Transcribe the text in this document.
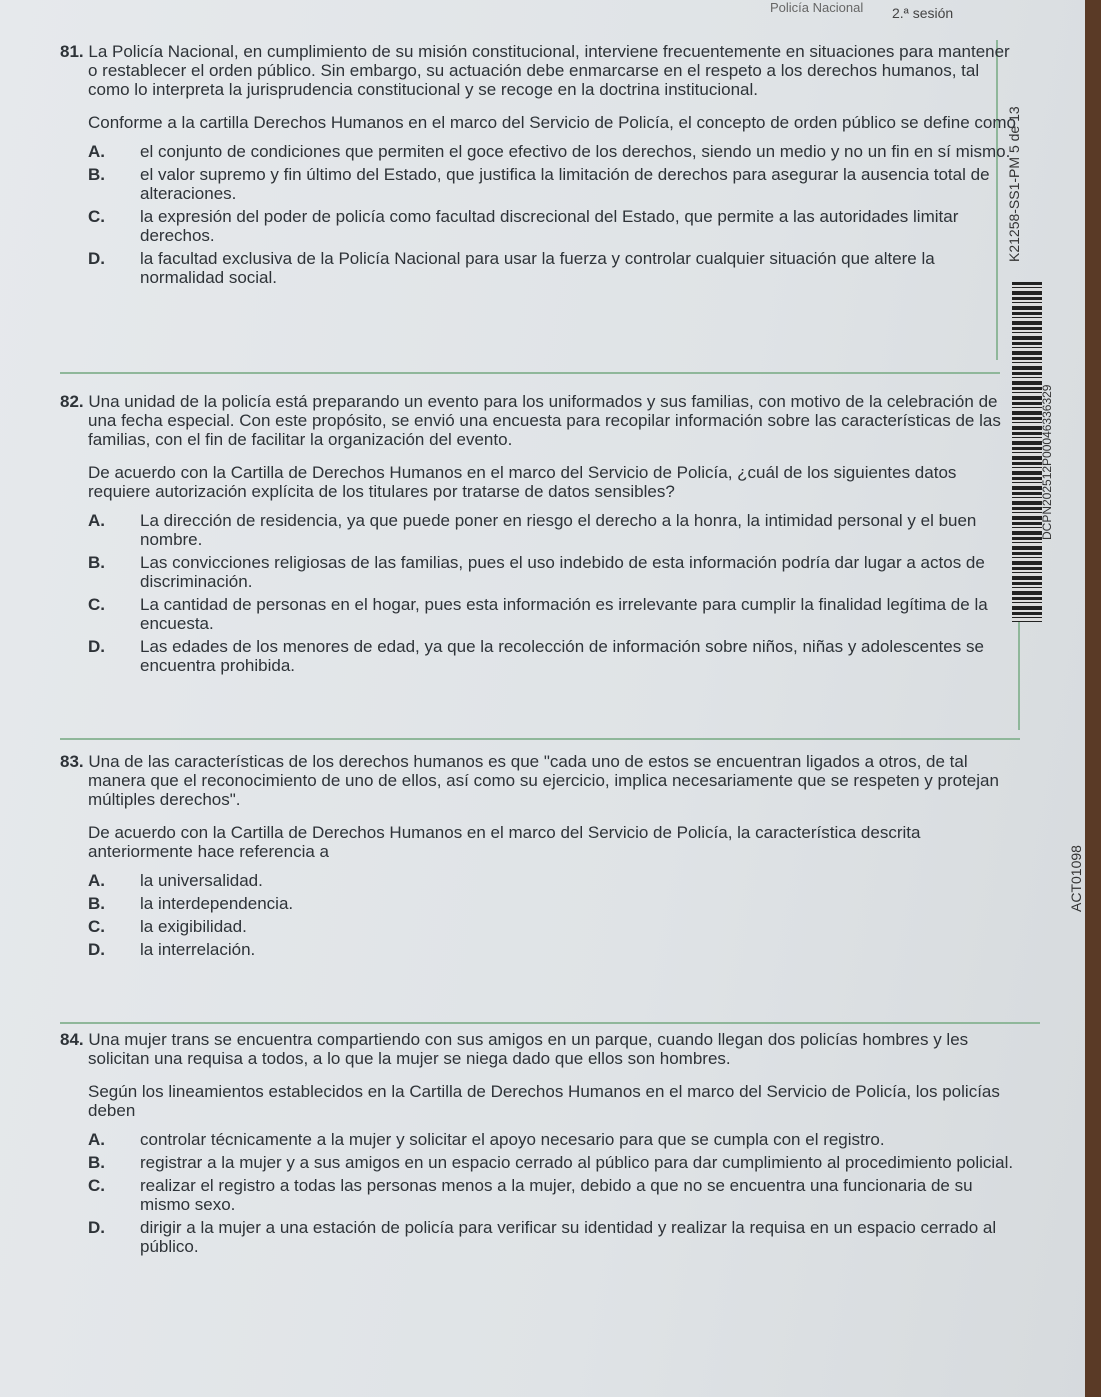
Policía Nacional 2.ª sesión
K21258-SS1-PM 5 de 13
DCPN202512P00046336329
ACT01098

81. La Policía Nacional, en cumplimiento de su misión constitucional, interviene frecuentemente en situaciones para mantener o restablecer el orden público. Sin embargo, su actuación debe enmarcarse en el respeto a los derechos humanos, tal como lo interpreta la jurisprudencia constitucional y se recoge en la doctrina institucional.

Conforme a la cartilla Derechos Humanos en el marco del Servicio de Policía, el concepto de orden público se define como

A.	el conjunto de condiciones que permiten el goce efectivo de los derechos, siendo un medio y no un fin en sí mismo.
B.	el valor supremo y fin último del Estado, que justifica la limitación de derechos para asegurar la ausencia total de alteraciones.
C.	la expresión del poder de policía como facultad discrecional del Estado, que permite a las autoridades limitar derechos.
D.	la facultad exclusiva de la Policía Nacional para usar la fuerza y controlar cualquier situación que altere la normalidad social.

82. Una unidad de la policía está preparando un evento para los uniformados y sus familias, con motivo de la celebración de una fecha especial. Con este propósito, se envió una encuesta para recopilar información sobre las características de las familias, con el fin de facilitar la organización del evento.

De acuerdo con la Cartilla de Derechos Humanos en el marco del Servicio de Policía, ¿cuál de los siguientes datos requiere autorización explícita de los titulares por tratarse de datos sensibles?

A.	La dirección de residencia, ya que puede poner en riesgo el derecho a la honra, la intimidad personal y el buen nombre.
B.	Las convicciones religiosas de las familias, pues el uso indebido de esta información podría dar lugar a actos de discriminación.
C.	La cantidad de personas en el hogar, pues esta información es irrelevante para cumplir la finalidad legítima de la encuesta.
D.	Las edades de los menores de edad, ya que la recolección de información sobre niños, niñas y adolescentes se encuentra prohibida.

83. Una de las características de los derechos humanos es que "cada uno de estos se encuentran ligados a otros, de tal manera que el reconocimiento de uno de ellos, así como su ejercicio, implica necesariamente que se respeten y protejan múltiples derechos".

De acuerdo con la Cartilla de Derechos Humanos en el marco del Servicio de Policía, la característica descrita anteriormente hace referencia a

A.	la universalidad.
B.	la interdependencia.
C.	la exigibilidad.
D.	la interrelación.

84. Una mujer trans se encuentra compartiendo con sus amigos en un parque, cuando llegan dos policías hombres y les solicitan una requisa a todos, a lo que la mujer se niega dado que ellos son hombres.

Según los lineamientos establecidos en la Cartilla de Derechos Humanos en el marco del Servicio de Policía, los policías deben

A.	controlar técnicamente a la mujer y solicitar el apoyo necesario para que se cumpla con el registro.
B.	registrar a la mujer y a sus amigos en un espacio cerrado al público para dar cumplimiento al procedimiento policial.
C.	realizar el registro a todas las personas menos a la mujer, debido a que no se encuentra una funcionaria de su mismo sexo.
D.	dirigir a la mujer a una estación de policía para verificar su identidad y realizar la requisa en un espacio cerrado al público.
